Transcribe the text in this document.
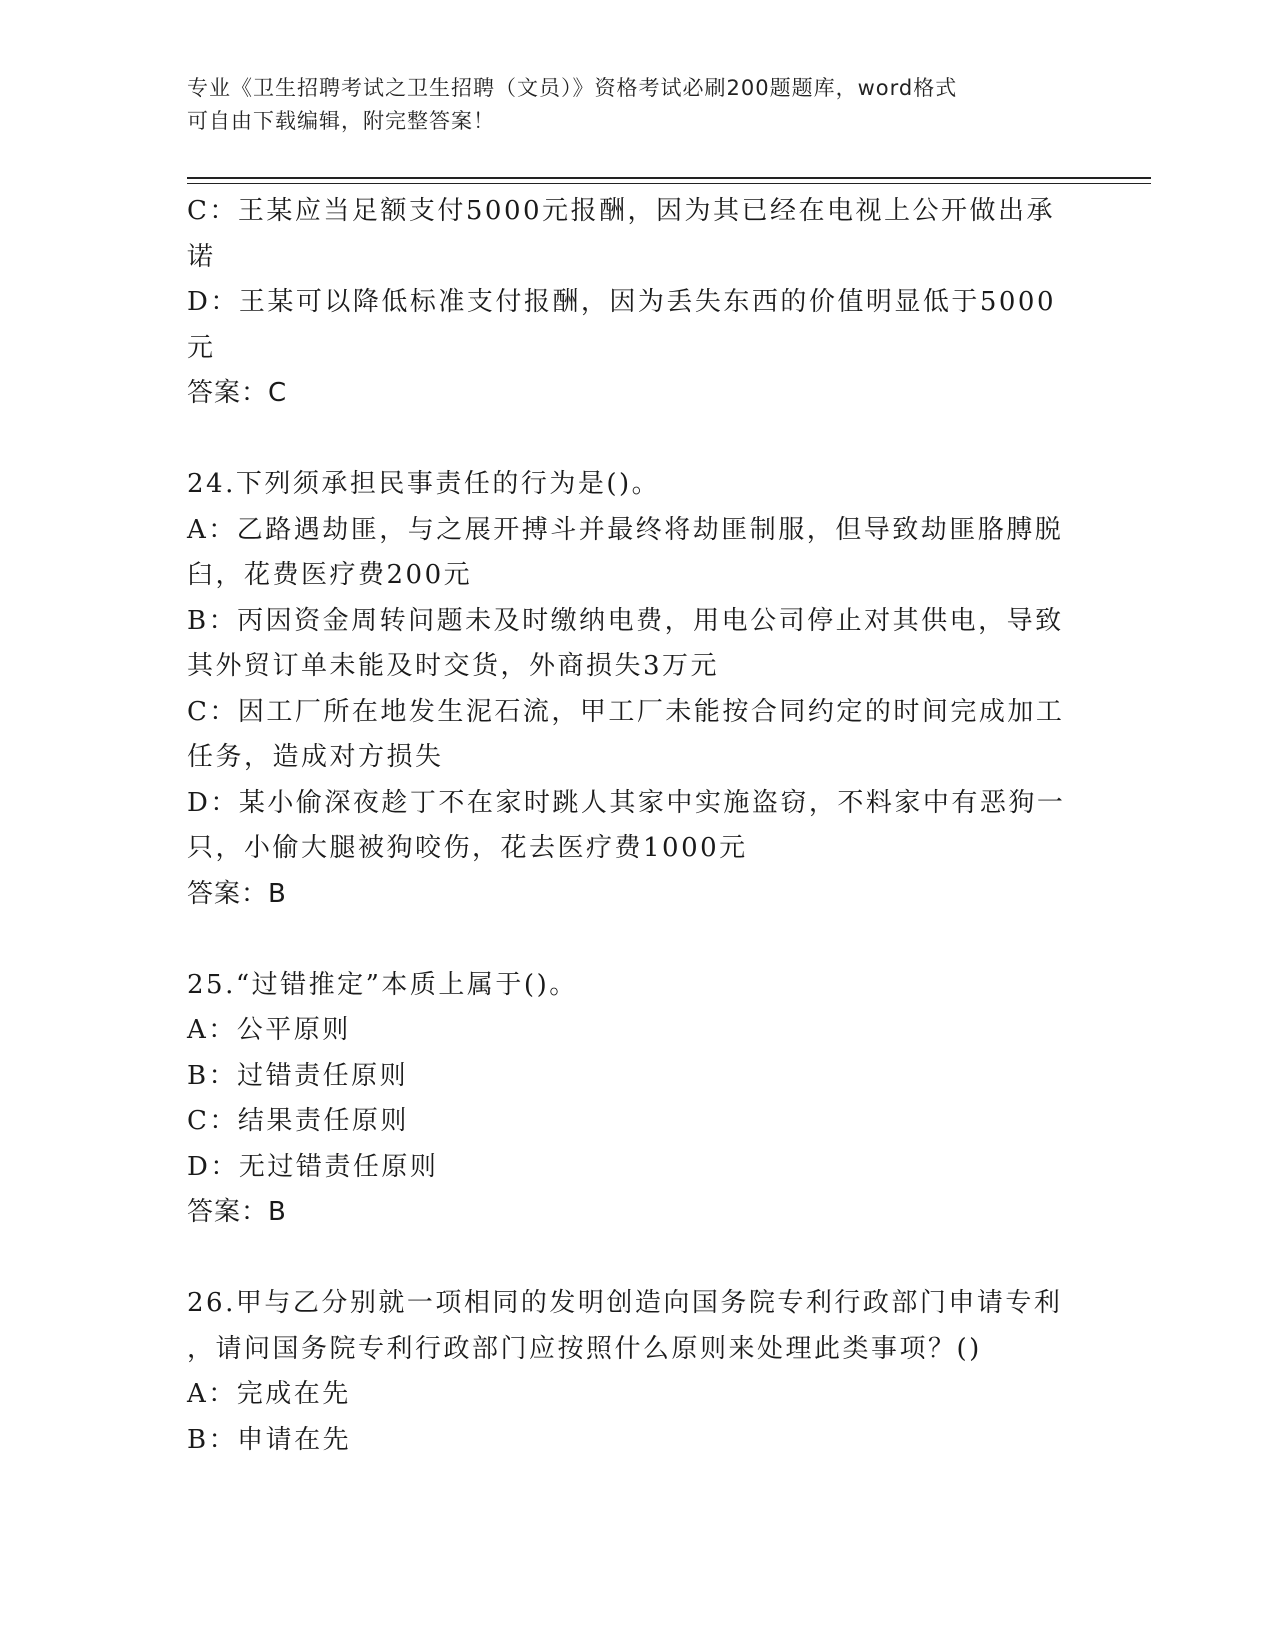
专业《卫生招聘考试之卫生招聘（文员）》资格考试必刷200题题库，word格式
可自由下载编辑，附完整答案！
C：王某应当足额支付5000元报酬，因为其已经在电视上公开做出承
诺
D：王某可以降低标准支付报酬，因为丢失东西的价值明显低于5000
元
答案：C
24.下列须承担民事责任的行为是()。
A：乙路遇劫匪，与之展开搏斗并最终将劫匪制服，但导致劫匪胳膊脱
臼，花费医疗费200元
B：丙因资金周转问题未及时缴纳电费，用电公司停止对其供电，导致
其外贸订单未能及时交货，外商损失3万元
C：因工厂所在地发生泥石流，甲工厂未能按合同约定的时间完成加工
任务，造成对方损失
D：某小偷深夜趁丁不在家时跳人其家中实施盗窃，不料家中有恶狗一
只，小偷大腿被狗咬伤，花去医疗费1000元
答案：B
25.“过错推定”本质上属于()。
A：公平原则
B：过错责任原则
C：结果责任原则
D：无过错责任原则
答案：B
26.甲与乙分别就一项相同的发明创造向国务院专利行政部门申请专利
，请问国务院专利行政部门应按照什么原则来处理此类事项？()
A：完成在先
B：申请在先
